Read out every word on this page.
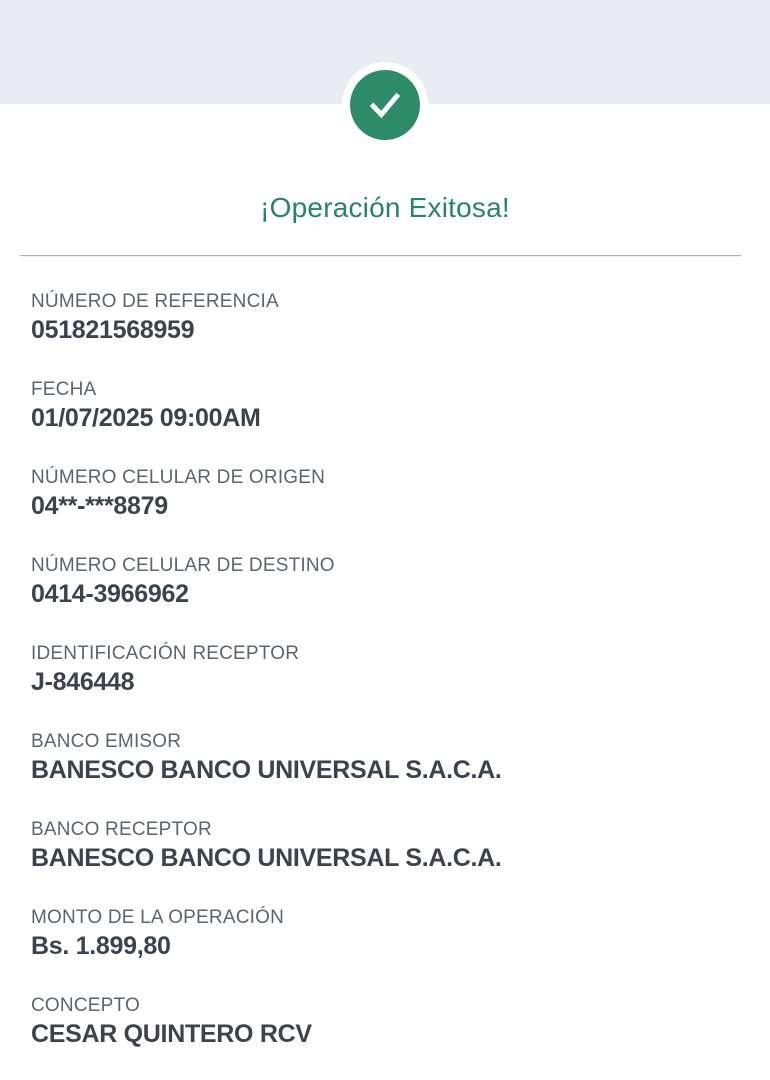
¡Operación Exitosa!
NÚMERO DE REFERENCIA
051821568959
FECHA
01/07/2025 09:00AM
NÚMERO CELULAR DE ORIGEN
04**-***8879
NÚMERO CELULAR DE DESTINO
0414-3966962
IDENTIFICACIÓN RECEPTOR
J-846448
BANCO EMISOR
BANESCO BANCO UNIVERSAL S.A.C.A.
BANCO RECEPTOR
BANESCO BANCO UNIVERSAL S.A.C.A.
MONTO DE LA OPERACIÓN
Bs. 1.899,80
CONCEPTO
CESAR QUINTERO RCV
